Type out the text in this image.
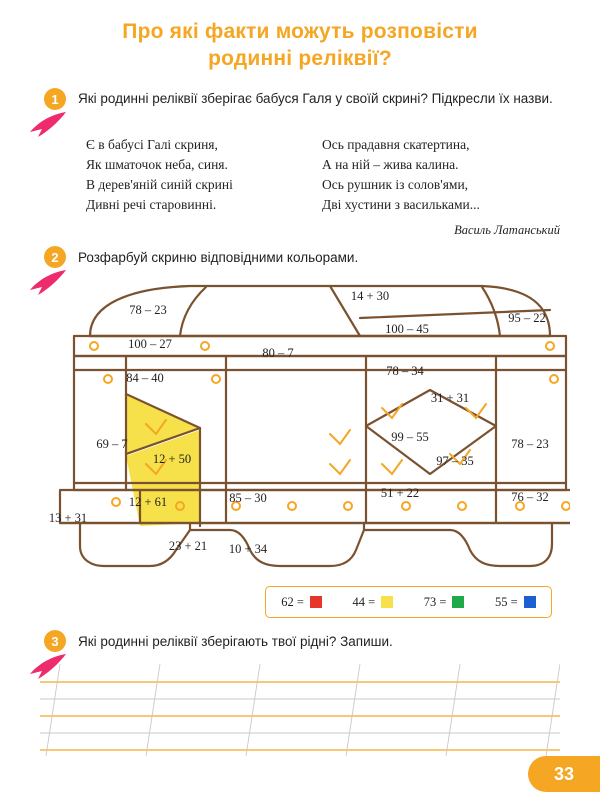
Про які факти можуть розповісти
родинні реліквії?
1	Які родинні реліквії зберігає бабуся Галя у своїй скрині? Підкресли їх назви.
Є в бабусі Галі скриня,
Як шматочок неба, синя.
В дерев'яній синій скрині
Дивні речі старовинні.
Ось прадавня скатертина,
А на ній – жива калина.
Ось рушник із солов'ями,
Дві хустини з васильками...
Василь Латанський
2	Розфарбуй скриню відповідними кольорами.
78 – 23
14 + 30
100 – 45
95 – 22
100 – 27
80 – 7
78 – 34
84 – 40
31 + 31
69 – 7	99 – 55	78 – 23
12 + 50	97 – 35
12 + 61	85 – 30	51 + 22	76 – 32
13 + 31
23 + 21 10 + 34
62 =	44 =	73 =	55 =
3	Які родинні реліквії зберігають твої рідні? Запиши.
33
